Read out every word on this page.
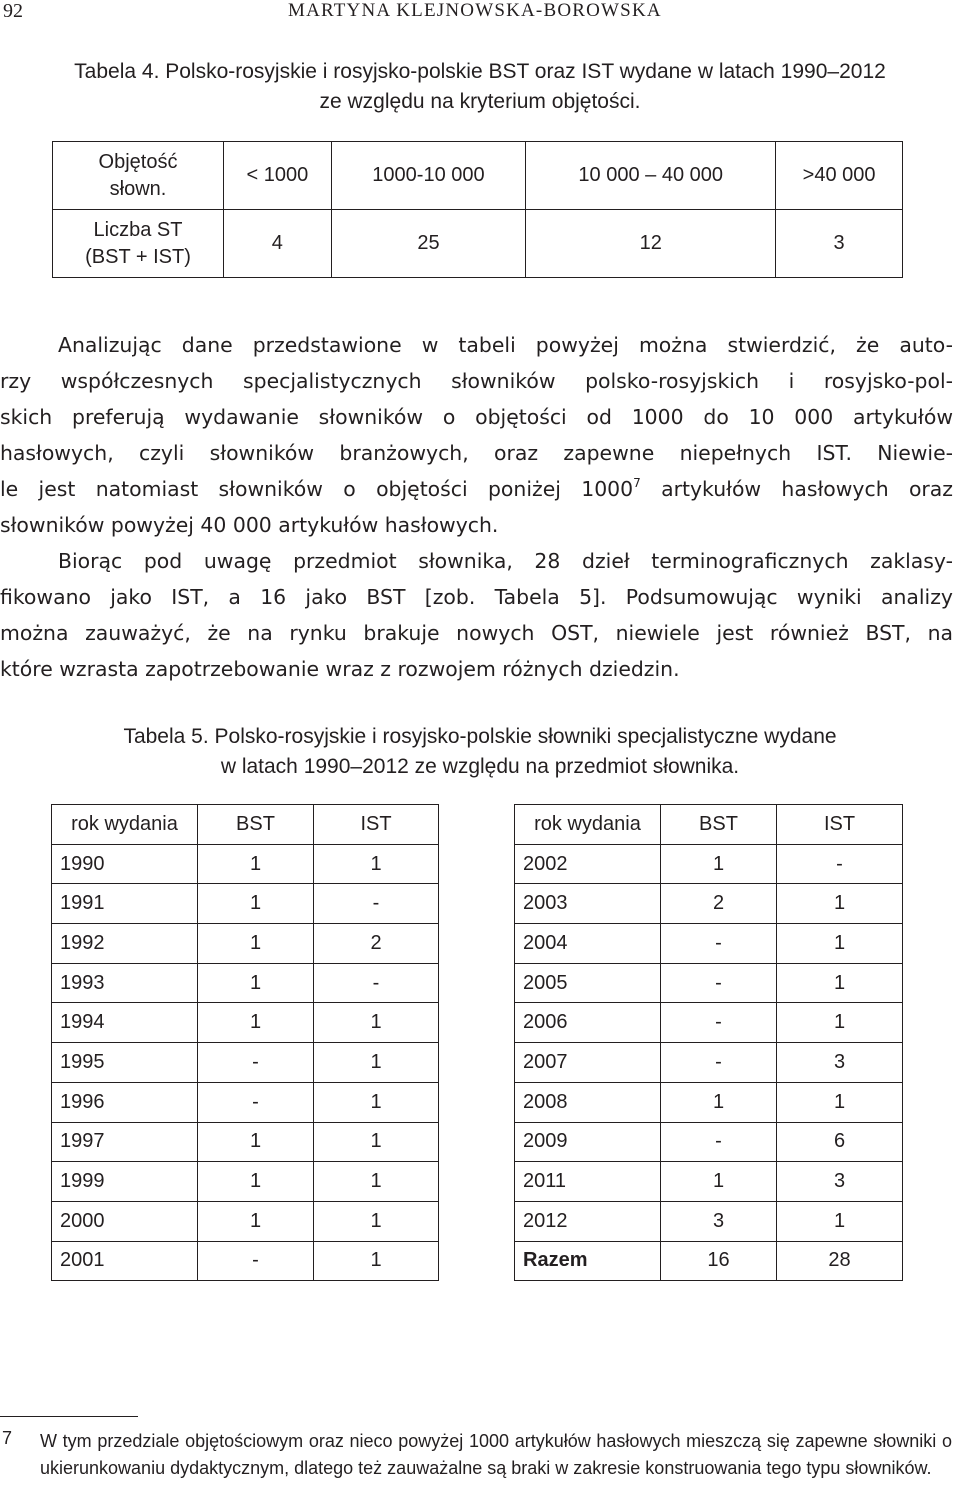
92	MARTYNA KLEJNOWSKA-BOROWSKA
Tabela 4. Polsko-rosyjskie i rosyjsko-polskie BST oraz IST wydane w latach 1990–2012
ze względu na kryterium objętości.
Objętość
słown.	< 1000	1000-10 000	10 000 – 40 000	>40 000

Liczba ST
(BST + IST)	4	25	12	3
Analizując dane przedstawione w tabeli powyżej można stwierdzić, że auto-
rzy współczesnych specjalistycznych słowników polsko-rosyjskich i rosyjsko-pol-
skich preferują wydawanie słowników o objętości od 1000 do 10 000 artykułów
hasłowych, czyli słowników branżowych, oraz zapewne niepełnych IST. Niewie-
le jest natomiast słowników o objętości poniżej 1000$^7$ artykułów hasłowych oraz
słowników powyżej 40 000 artykułów hasłowych.
Biorąc pod uwagę przedmiot słownika, 28 dzieł terminograficznych zaklasy-
fikowano jako IST, a 16 jako BST [zob. Tabela 5]. Podsumowując wyniki analizy
można zauważyć, że na rynku brakuje nowych OST, niewiele jest również BST, na
które wzrasta zapotrzebowanie wraz z rozwojem różnych dziedzin.
Tabela 5. Polsko-rosyjskie i rosyjsko-polskie słowniki specjalistyczne wydane
w latach 1990–2012 ze względu na przedmiot słownika.
rok wydania	BST	IST
1990	1	1
1991	1	-
1992	1	2
1993	1	-
1994	1	1
1995	-	1
1996	-	1
1997	1	1
1999	1	1
2000	1	1
2001	-	1
rok wydania	BST	IST
2002	1	-
2003	2	1
2004	-	1
2005	-	1
2006	-	1
2007	-	3
2008	1	1
2009	-	6
2011	1	3
2012	3	1
Razem	16	28
7 W tym przedziale objętościowym oraz nieco powyżej 1000 artykułów hasłowych mieszczą się zapewne słowniki o ukierunkowaniu dydaktycznym, dlatego też zauważalne są braki w zakresie konstruowania tego typu słowników.
